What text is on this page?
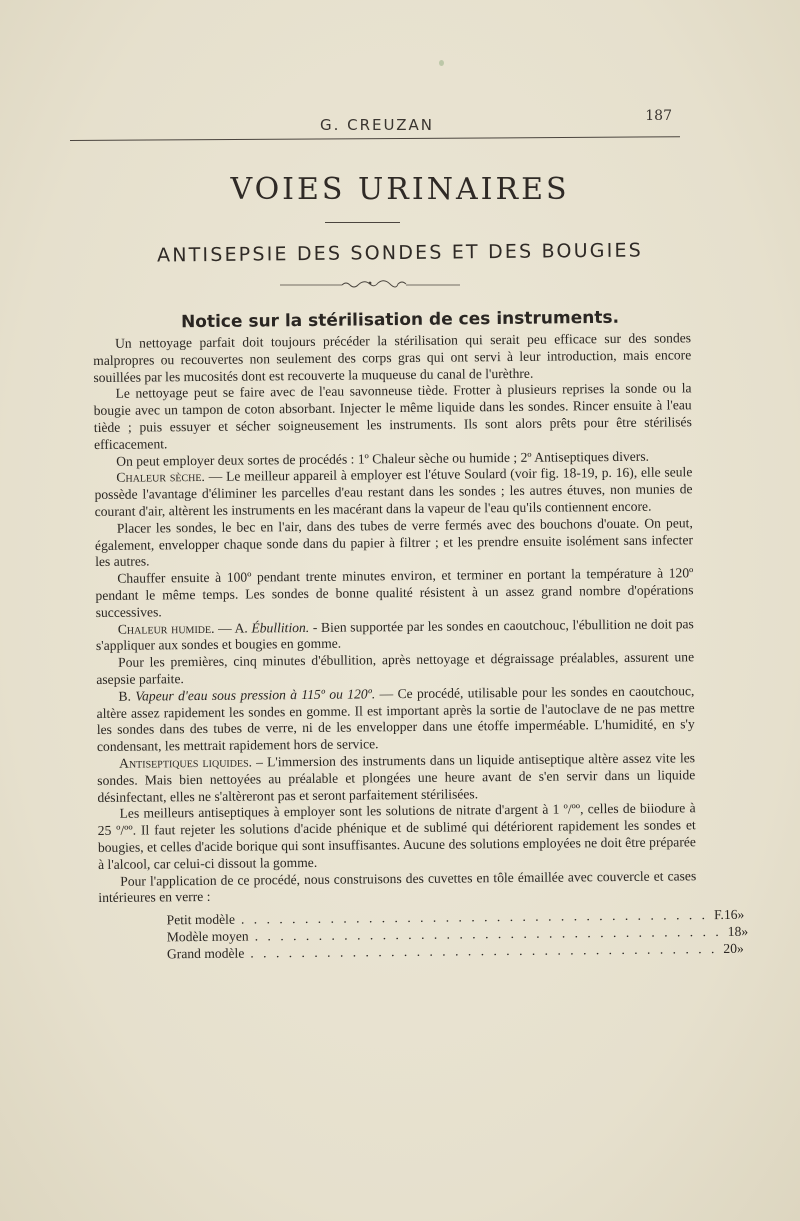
G. CREUZAN	187
VOIES URINAIRES
ANTISEPSIE DES SONDES ET DES BOUGIES
Notice sur la stérilisation de ces instruments.

Un nettoyage parfait doit toujours précéder la stérilisation qui serait peu efficace sur des sondes malpropres ou recouvertes non seulement des corps gras qui ont servi à leur introduction, mais encore souillées par les mucosités dont est recouverte la muqueuse du canal de l'urèthre.

Le nettoyage peut se faire avec de l'eau savonneuse tiède. Frotter à plusieurs reprises la sonde ou la bougie avec un tampon de coton absorbant. Injecter le même liquide dans les sondes. Rincer ensuite à l'eau tiède ; puis essuyer et sécher soigneusement les instruments. Ils sont alors prêts pour être stérilisés efficacement.

On peut employer deux sortes de procédés : 1º Chaleur sèche ou humide ; 2º Antiseptiques divers.

Chaleur sèche. — Le meilleur appareil à employer est l'étuve Soulard (voir fig. 18-19, p. 16), elle seule possède l'avantage d'éliminer les parcelles d'eau restant dans les sondes ; les autres étuves, non munies de courant d'air, altèrent les instruments en les macérant dans la vapeur de l'eau qu'ils contiennent encore.

Placer les sondes, le bec en l'air, dans des tubes de verre fermés avec des bouchons d'ouate. On peut, également, envelopper chaque sonde dans du papier à filtrer ; et les prendre ensuite isolément sans infecter les autres.

Chauffer ensuite à 100º pendant trente minutes environ, et terminer en portant la température à 120º pendant le même temps. Les sondes de bonne qualité résistent à un assez grand nombre d'opérations successives.

Chaleur humide. — A. Ébullition. - Bien supportée par les sondes en caoutchouc, l'ébullition ne doit pas s'appliquer aux sondes et bougies en gomme.

Pour les premières, cinq minutes d'ébullition, après nettoyage et dégraissage préalables, assurent une asepsie parfaite.

B. Vapeur d'eau sous pression à 115º ou 120º. — Ce procédé, utilisable pour les sondes en caoutchouc, altère assez rapidement les sondes en gomme. Il est important après la sortie de l'autoclave de ne pas mettre les sondes dans des tubes de verre, ni de les envelopper dans une étoffe imperméable. L'humidité, en s'y condensant, les mettrait rapidement hors de service.

Antiseptiques liquides. – L'immersion des instruments dans un liquide antiseptique altère assez vite les sondes. Mais bien nettoyées au préalable et plongées une heure avant de s'en servir dans un liquide désinfectant, elles ne s'altèreront pas et seront parfaitement stérilisées.

Les meilleurs antiseptiques à employer sont les solutions de nitrate d'argent à 1 º/ºº, celles de biiodure à 25 º/ºº. Il faut rejeter les solutions d'acide phénique et de sublimé qui détériorent rapidement les sondes et bougies, et celles d'acide borique qui sont insuffisantes. Aucune des solutions employées ne doit être préparée à l'alcool, car celui-ci dissout la gomme.

Pour l'application de ce procédé, nous construisons des cuvettes en tôle émaillée avec couvercle et cases intérieures en verre :

Petit modèle . . . . . . . . . . . . . . . . . . . . . . . . . . . . . . . . . . . . . F. 16 »
Modèle moyen . . . . . . . . . . . . . . . . . . . . . . . . . . . . . . . . . . . . . 18 »
Grand modèle . . . . . . . . . . . . . . . . . . . . . . . . . . . . . . . . . . . . . 20 »
